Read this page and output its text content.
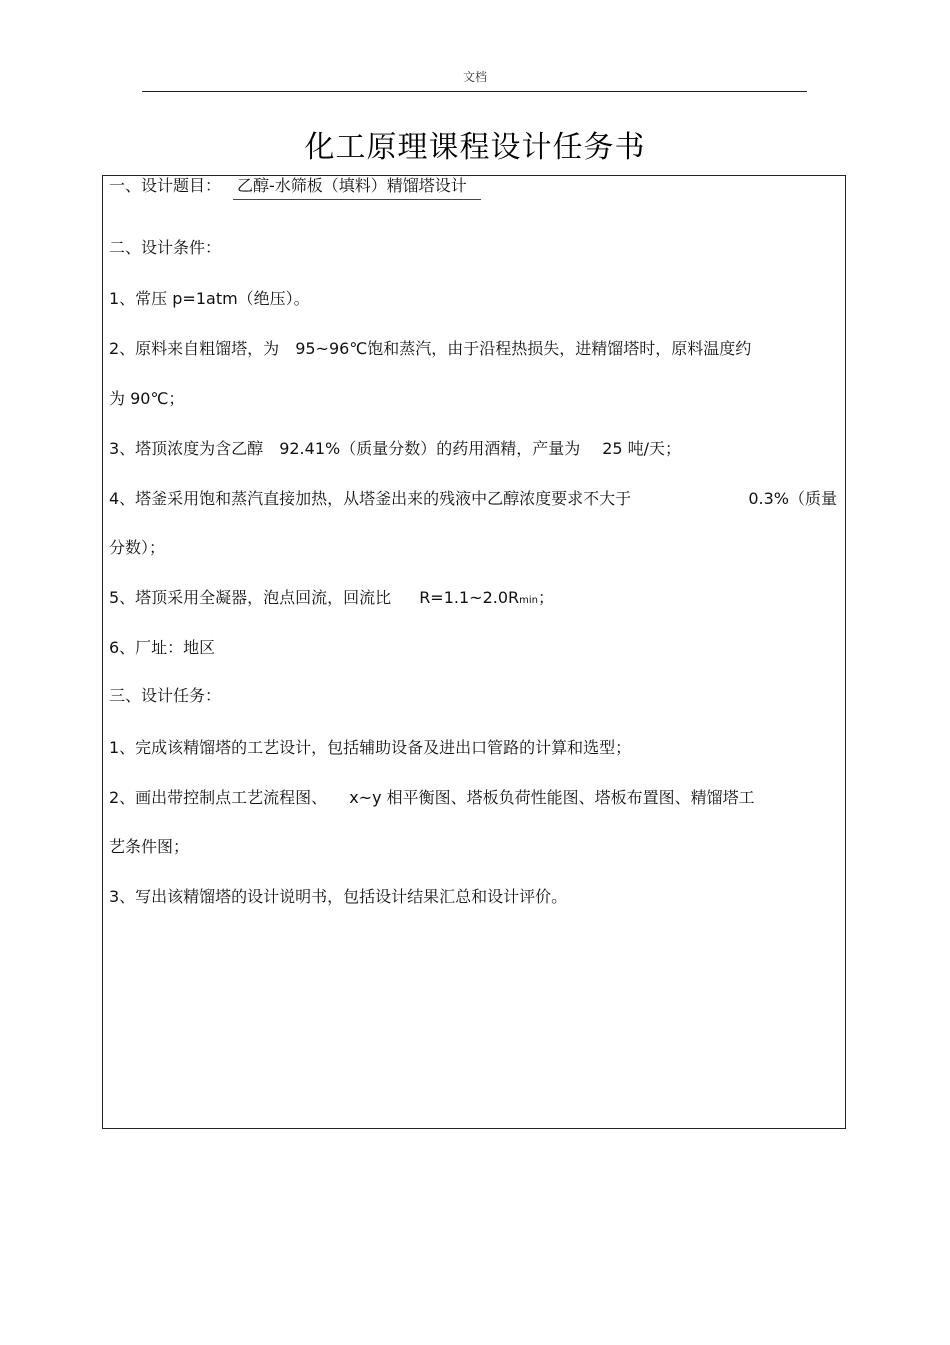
文档
化工原理课程设计任务书
一、设计题目： 乙醇-水筛板（填料）精馏塔设计
二、设计条件：
1、常压 p=1atm（绝压）。
2、原料来自粗馏塔，为 95~96℃饱和蒸汽，由于沿程热损失，进精馏塔时，原料温度约
为 90℃；
3、塔顶浓度为含乙醇 92.41%（质量分数）的药用酒精，产量为 25 吨/天；
4、塔釜采用饱和蒸汽直接加热，从塔釜出来的残液中乙醇浓度要求不大于	0.3%（质量
分数）；
5、塔顶采用全凝器，泡点回流，回流比 R=1.1~2.0Rmin；
6、厂址：地区
三、设计任务：
1、完成该精馏塔的工艺设计，包括辅助设备及进出口管路的计算和选型；
2、画出带控制点工艺流程图、 x~y 相平衡图、塔板负荷性能图、塔板布置图、精馏塔工
艺条件图；
3、写出该精馏塔的设计说明书，包括设计结果汇总和设计评价。
